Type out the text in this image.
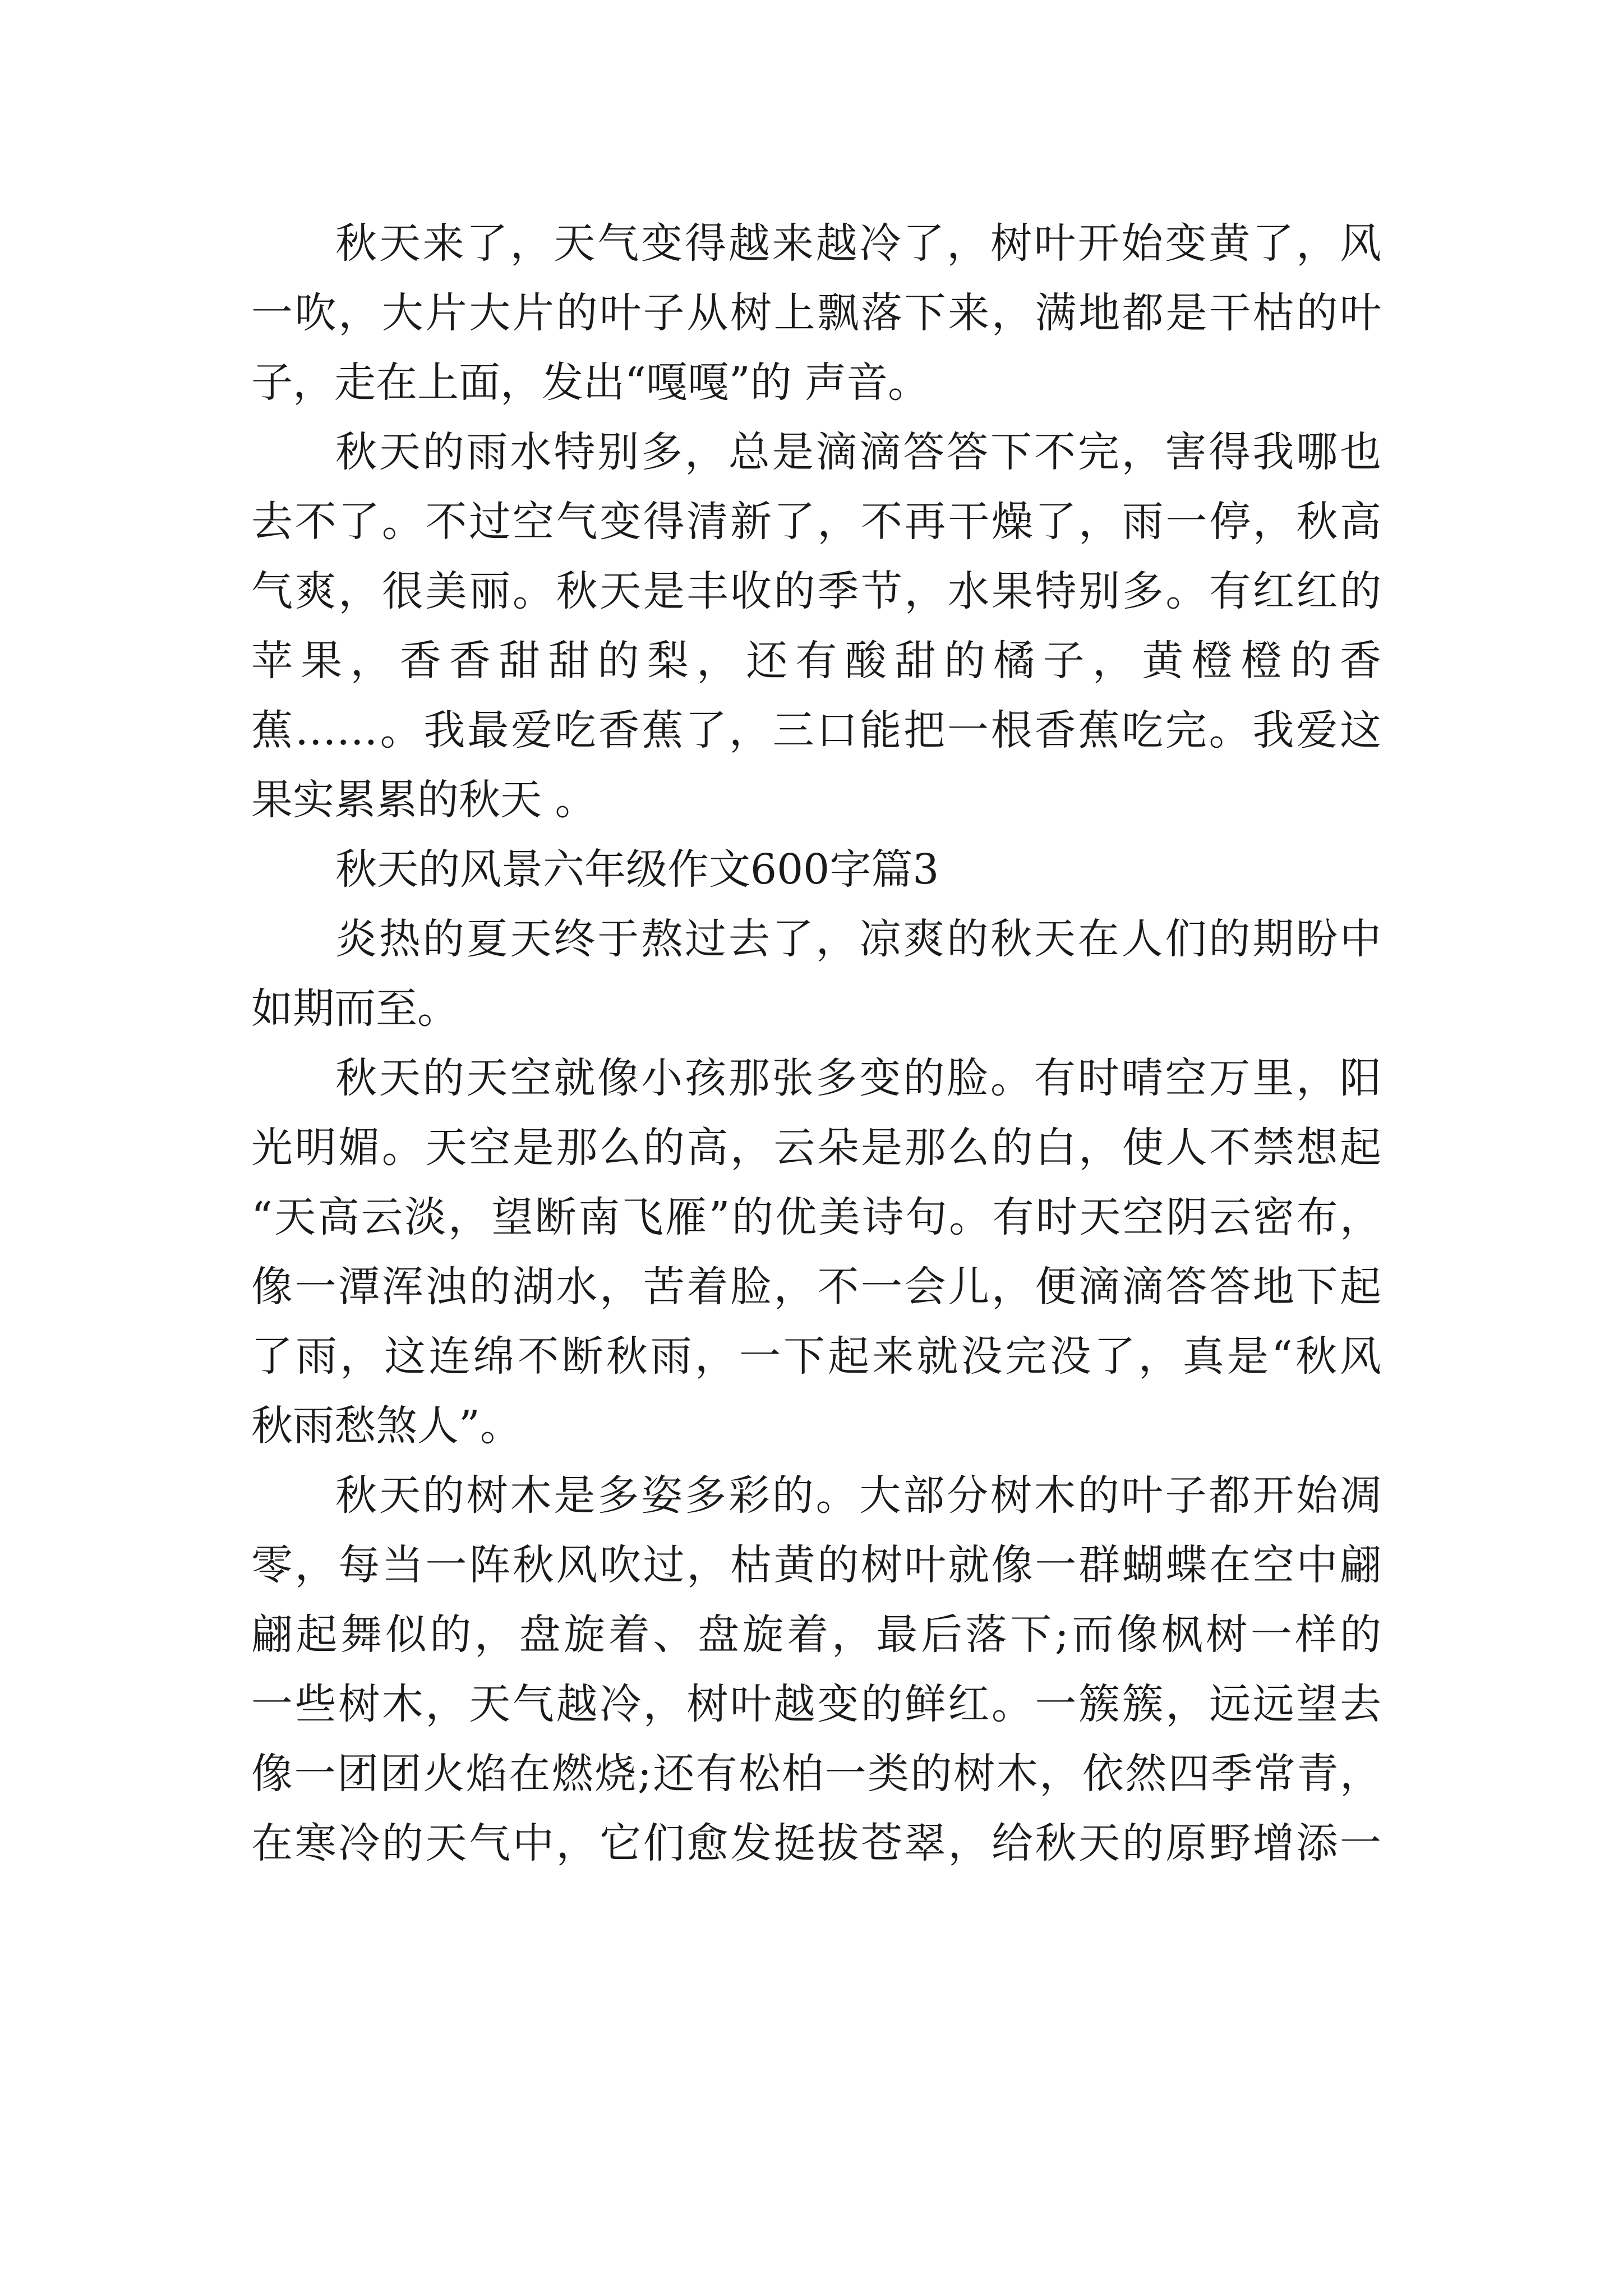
秋天来了，天气变得越来越冷了，树叶开始变黄了，风
一吹，大片大片的叶子从树上飘落下来，满地都是干枯的叶
子，走在上面，发出“嘎嘎”的 声音。
秋天的雨水特别多，总是滴滴答答下不完，害得我哪也
去不了。不过空气变得清新了，不再干燥了，雨一停，秋高
气爽，很美丽。秋天是丰收的季节，水果特别多。有红红的
苹果，香香甜甜的梨，还有酸甜的橘子，黄橙橙的香
蕉……。我最爱吃香蕉了，三口能把一根香蕉吃完。我爱这
果实累累的秋天 。
秋天的风景六年级作文600字篇3
炎热的夏天终于熬过去了，凉爽的秋天在人们的期盼中
如期而至。
秋天的天空就像小孩那张多变的脸。有时晴空万里，阳
光明媚。天空是那么的高，云朵是那么的白，使人不禁想起
“天高云淡，望断南飞雁”的优美诗句。有时天空阴云密布，
像一潭浑浊的湖水，苦着脸，不一会儿，便滴滴答答地下起
了雨，这连绵不断秋雨，一下起来就没完没了，真是“秋风
秋雨愁煞人”。
秋天的树木是多姿多彩的。大部分树木的叶子都开始凋
零，每当一阵秋风吹过，枯黄的树叶就像一群蝴蝶在空中翩
翩起舞似的，盘旋着、盘旋着，最后落下;而像枫树一样的
一些树木，天气越冷，树叶越变的鲜红。一簇簇，远远望去
像一团团火焰在燃烧;还有松柏一类的树木，依然四季常青，
在寒冷的天气中，它们愈发挺拔苍翠，给秋天的原野增添一
